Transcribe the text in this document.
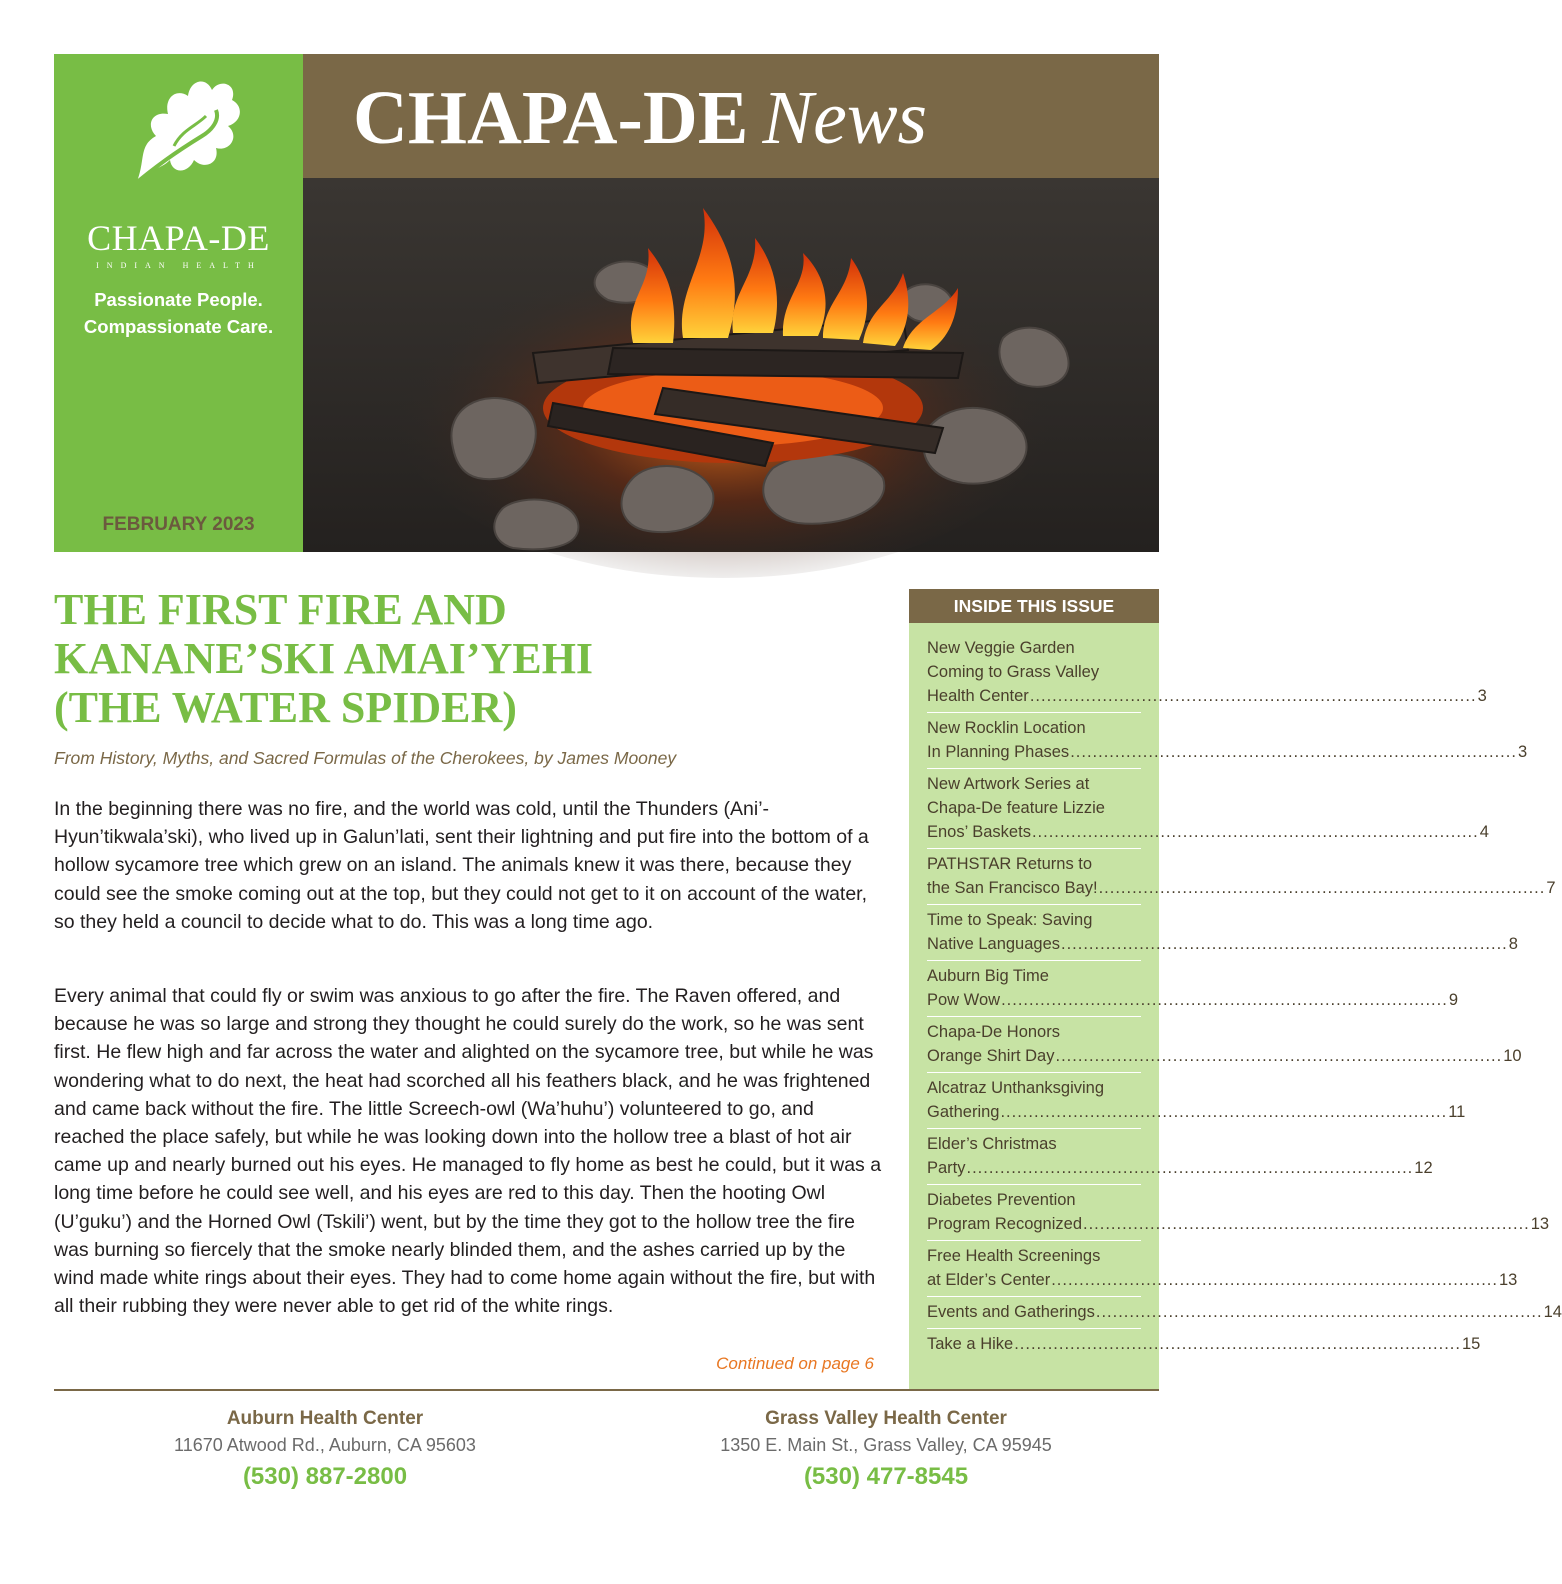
CHAPA-DE
INDIAN HEALTH
Passionate People.
Compassionate Care.
FEBRUARY 2023
CHAPA-DE News
THE FIRST FIRE AND
KANANE’SKI AMAI’YEHI
(THE WATER SPIDER)
From History, Myths, and Sacred Formulas of the Cherokees, by James Mooney
In the beginning there was no fire, and the world was cold, until the Thunders (Ani’-Hyun’tikwala’ski), who lived up in Galun’lati, sent their lightning and put fire into the bottom of a hollow sycamore tree which grew on an island. The animals knew it was there, because they could see the smoke coming out at the top, but they could not get to it on account of the water, so they held a council to decide what to do. This was a long time ago.
Every animal that could fly or swim was anxious to go after the fire. The Raven offered, and because he was so large and strong they thought he could surely do the work, so he was sent first. He flew high and far across the water and alighted on the sycamore tree, but while he was wondering what to do next, the heat had scorched all his feathers black, and he was frightened and came back without the fire. The little Screech-owl (Wa’huhu’) volunteered to go, and reached the place safely, but while he was looking down into the hollow tree a blast of hot air came up and nearly burned out his eyes. He managed to fly home as best he could, but it was a long time before he could see well, and his eyes are red to this day. Then the hooting Owl (U’guku’) and the Horned Owl (Tskili’) went, but by the time they got to the hollow tree the fire was burning so fiercely that the smoke nearly blinded them, and the ashes carried up by the wind made white rings about their eyes. They had to come home again without the fire, but with all their rubbing they were never able to get rid of the white rings.
Continued on page 6
INSIDE THIS ISSUE
New Veggie Garden
Coming to Grass Valley
Health Center ................................................................................ 3
New Rocklin Location
In Planning Phases ................................................................................ 3
New Artwork Series at
Chapa-De feature Lizzie
Enos’ Baskets ................................................................................ 4
PATHSTAR Returns to
the San Francisco Bay! ................................................................................ 7
Time to Speak: Saving
Native Languages ................................................................................ 8
Auburn Big Time
Pow Wow ................................................................................ 9
Chapa-De Honors
Orange Shirt Day ................................................................................ 10
Alcatraz Unthanksgiving
Gathering ................................................................................ 11
Elder’s Christmas
Party ................................................................................ 12
Diabetes Prevention
Program Recognized ................................................................................ 13
Free Health Screenings
at Elder’s Center ................................................................................ 13
Events and Gatherings ................................................................................ 14
Take a Hike ................................................................................ 15
Auburn Health Center
11670 Atwood Rd., Auburn, CA 95603
(530) 887-2800
Grass Valley Health Center
1350 E. Main St., Grass Valley, CA 95945
(530) 477-8545
